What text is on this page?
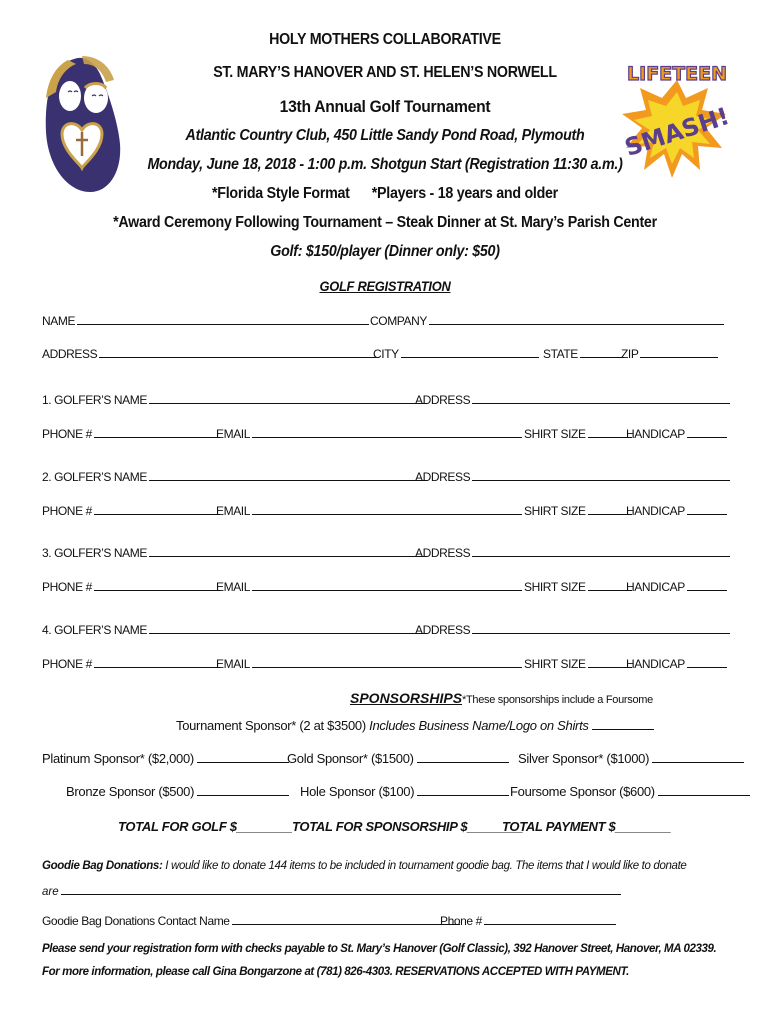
LIFETEEN
SMASH!
HOLY MOTHERS COLLABORATIVE
ST. MARY’S HANOVER AND ST. HELEN’S NORWELL
13th Annual Golf Tournament
Atlantic Country Club, 450 Little Sandy Pond Road, Plymouth
Monday, June 18, 2018 - 1:00 p.m. Shotgun Start (Registration 11:30 a.m.)
*Florida Style Format *Players - 18 years and older
*Award Ceremony Following Tournament – Steak Dinner at St. Mary’s Parish Center
Golf: $150/player (Dinner only: $50)
GOLF REGISTRATION
NAME	COMPANY
ADDRESS	CITY	STATE	ZIP
1. GOLFER’S NAME	ADDRESS
PHONE #	EMAIL	SHIRT SIZE	HANDICAP
2. GOLFER’S NAME	ADDRESS
PHONE #	EMAIL	SHIRT SIZE	HANDICAP
3. GOLFER’S NAME	ADDRESS
PHONE #	EMAIL	SHIRT SIZE	HANDICAP
4. GOLFER’S NAME	ADDRESS
PHONE #	EMAIL	SHIRT SIZE	HANDICAP
SPONSORSHIPS *These sponsorships include a Foursome
Tournament Sponsor* (2 at $3500) Includes Business Name/Logo on Shirts
Platinum Sponsor* ($2,000)	Gold Sponsor* ($1500)	Silver Sponsor* ($1000)
Bronze Sponsor ($500)	Hole Sponsor ($100)	Foursome Sponsor ($600)
TOTAL FOR GOLF $________ TOTAL FOR SPONSORSHIP $________
TOTAL PAYMENT $________
Goodie Bag Donations: I would like to donate 144 items to be included in tournament goodie bag. The items that I would like to donate
are
Goodie Bag Donations Contact Name	Phone #
Please send your registration form with checks payable to St. Mary’s Hanover (Golf Classic), 392 Hanover Street, Hanover, MA 02339.
For more information, please call Gina Bongarzone at (781) 826-4303. RESERVATIONS ACCEPTED WITH PAYMENT.
